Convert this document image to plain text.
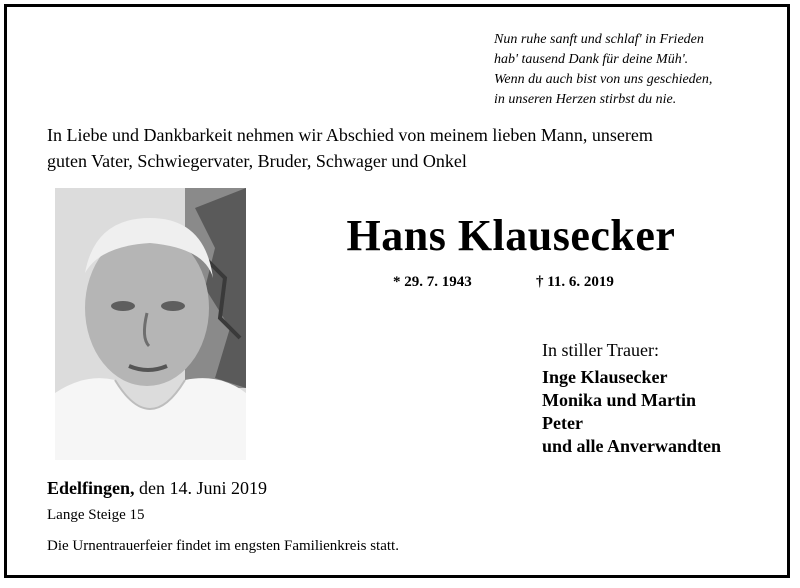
Nun ruhe sanft und schlaf' in Frieden
hab' tausend Dank für deine Müh'.
Wenn du auch bist von uns geschieden,
in unseren Herzen stirbst du nie.
In Liebe und Dankbarkeit nehmen wir Abschied von meinem lieben Mann, unserem
guten Vater, Schwiegervater, Bruder, Schwager und Onkel
Hans Klausecker
* 29. 7. 1943	† 11. 6. 2019
In stiller Trauer:
Inge Klausecker
Monika und Martin
Peter
und alle Anverwandten
Edelfingen, den 14. Juni 2019
Lange Steige 15
Die Urnentrauerfeier findet im engsten Familienkreis statt.
